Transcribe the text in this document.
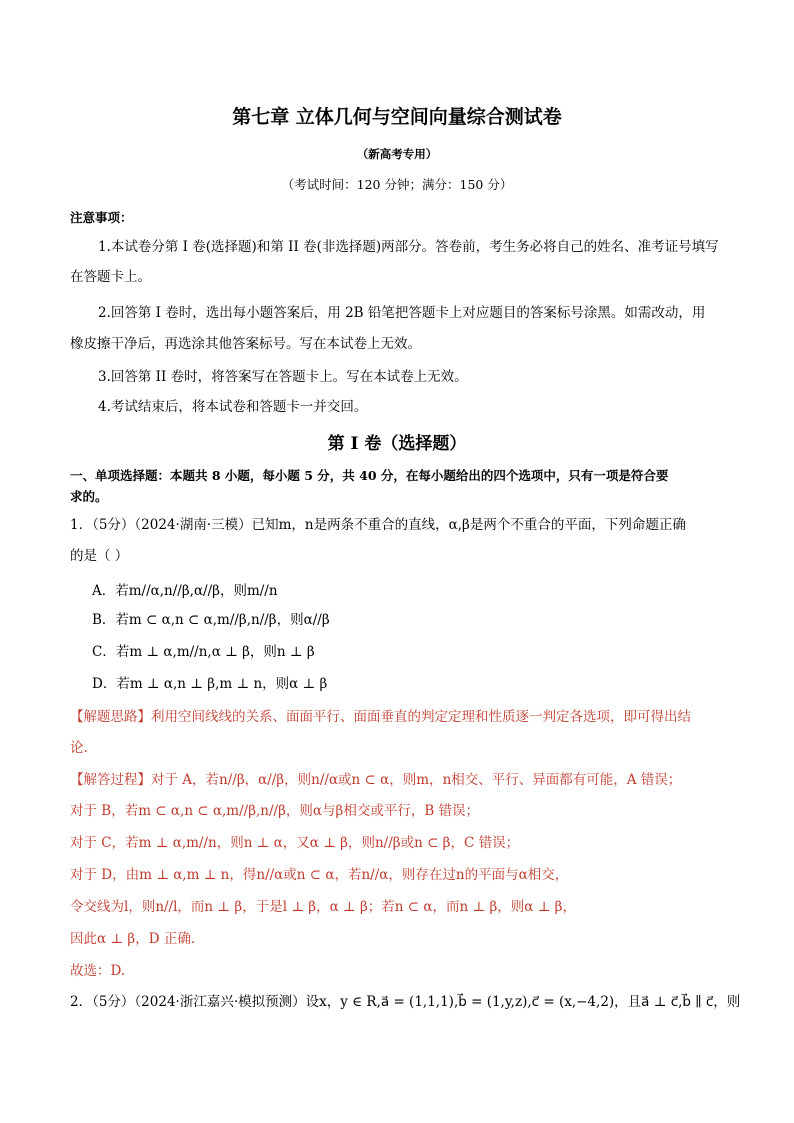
第七章 立体几何与空间向量综合测试卷
（新高考专用）
（考试时间：120 分钟；满分：150 分）
注意事项：
1.本试卷分第 I 卷(选择题)和第 II 卷(非选择题)两部分。答卷前，考生务必将自己的姓名、准考证号填写
在答题卡上。
2.回答第 I 卷时，选出每小题答案后，用 2B 铅笔把答题卡上对应题目的答案标号涂黑。如需改动，用
橡皮擦干净后，再选涂其他答案标号。写在本试卷上无效。
3.回答第 II 卷时，将答案写在答题卡上。写在本试卷上无效。
4.考试结束后，将本试卷和答题卡一并交回。
第 I 卷（选择题）
一、单项选择题：本题共 8 小题，每小题 5 分，共 40 分，在每小题给出的四个选项中，只有一项是符合要
求的。
1．（5分）（2024·湖南·三模）已知m，n是两条不重合的直线，α,β是两个不重合的平面，下列命题正确
的是（ ）
A．若m//α,n//β,α//β，则m//n
B．若m ⊂ α,n ⊂ α,m//β,n//β，则α//β
C．若m ⊥ α,m//n,α ⊥ β，则n ⊥ β
D．若m ⊥ α,n ⊥ β,m ⊥ n，则α ⊥ β
【解题思路】利用空间线线的关系、面面平行、面面垂直的判定定理和性质逐一判定各选项，即可得出结
论.
【解答过程】对于 A，若n//β，α//β，则n//α或n ⊂ α，则m，n相交、平行、异面都有可能，A 错误；
对于 B，若m ⊂ α,n ⊂ α,m//β,n//β，则α与β相交或平行，B 错误；
对于 C，若m ⊥ α,m//n，则n ⊥ α，又α ⊥ β，则n//β或n ⊂ β，C 错误；
对于 D，由m ⊥ α,m ⊥ n，得n//α或n ⊂ α，若n//α，则存在过n的平面与α相交，
令交线为l，则n//l，而n ⊥ β，于是l ⊥ β，α ⊥ β；若n ⊂ α，而n ⊥ β，则α ⊥ β，
因此α ⊥ β，D 正确.
故选：D.
2．（5分）（2024·浙江嘉兴·模拟预测）设x，y ∈ R,a⃗ = (1,1,1),b⃗ = (1,y,z),c⃗ = (x,−4,2)，且a⃗ ⊥ c⃗,b⃗ ∥ c⃗，则
